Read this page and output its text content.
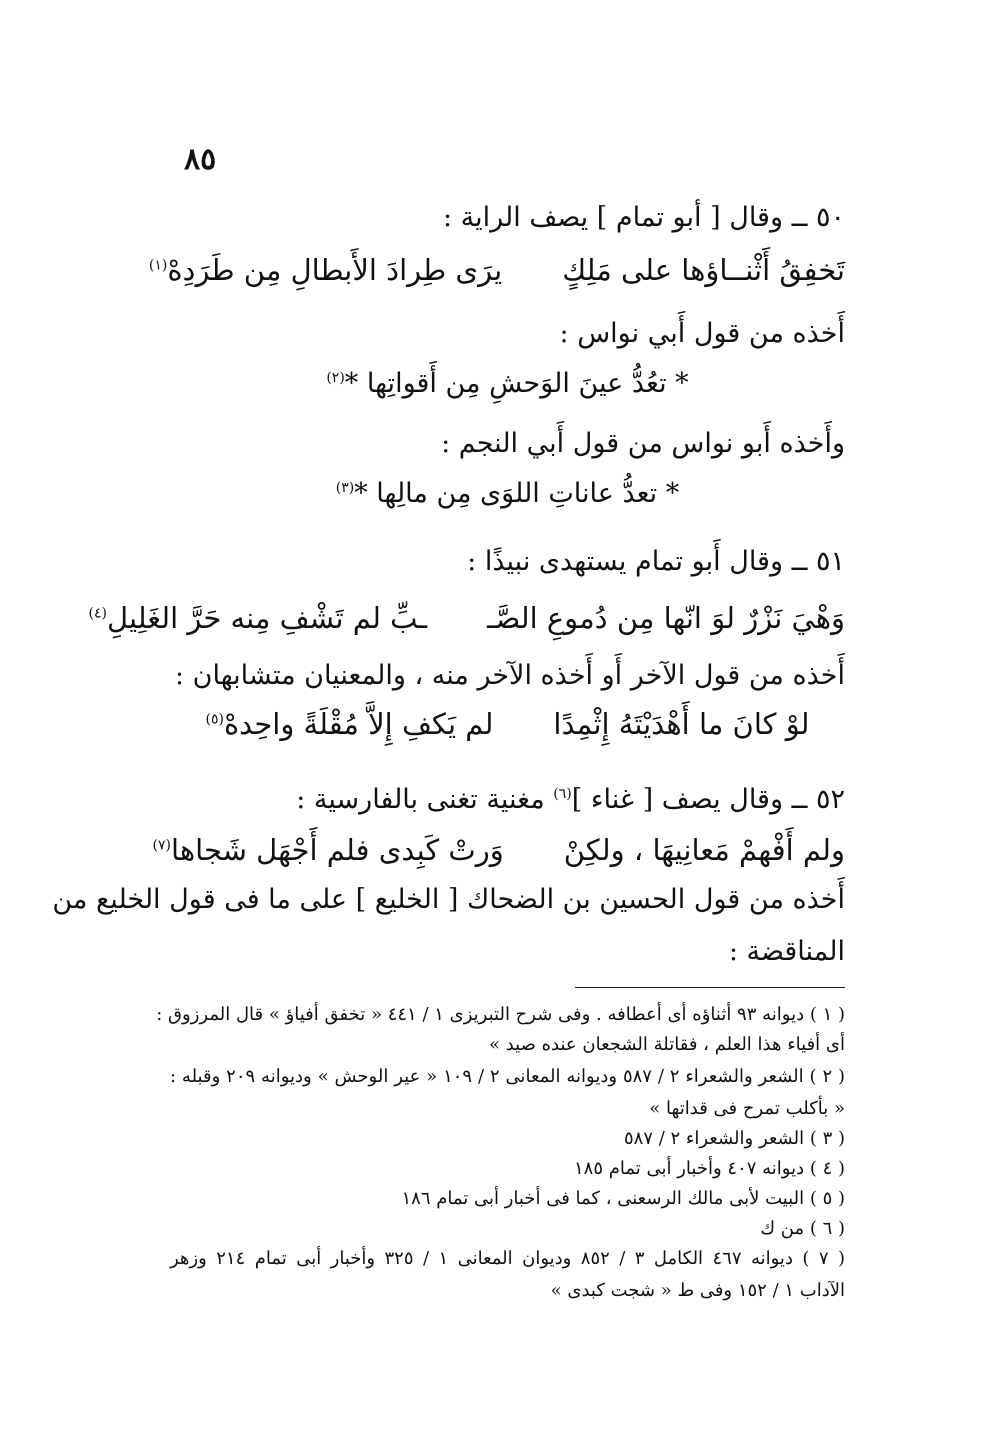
٨٥
٥٠ ــ وقال [ أبو تمام ] يصف الراية :
تَخفِقُ أَثْنــاؤها على مَلِكٍيرَى طِرادَ الأَبطالِ مِن طَرَدِهْ$^{(١)}$
أَخذه من قول أَبي نواس :
* تعُدُّ عينَ الوَحشِ مِن أَقواتِها *$^{(٢)}$
وأَخذه أَبو نواس من قول أَبي النجم :
* تعدُّ عاناتِ اللوَى مِن مالِها *$^{(٣)}$
٥١ ــ وقال أَبو تمام يستهدى نبيذًا :
وَهْيَ نَزْرٌ لوَ انّها مِن دُموعِ الصَّــبِّ لم تَشْفِ مِنه حَرَّ الغَلِيلِ$^{(٤)}$
أَخذه من قول الآخر أَو أَخذه الآخر منه ، والمعنيان متشابهان :
لوْ كانَ ما أَهْدَيْتَهُ إِثْمِدًالم يَكفِ إِلاَّ مُقْلَةً واحِدهْ$^{(٥)}$
٥٢ ــ وقال يصف [ غناء ]$^{(٦)}$ مغنية تغنى بالفارسية :
ولم أَفْهمْ مَعانِيهَا ، ولكِنْوَرتْ كَبِدى فلم أَجْهَل شَجاها$^{(٧)}$
أَخذه من قول الحسين بن الضحاك [ الخليع ] على ما فى قول الخليع من
المناقضة :
( ١ ) ديوانه ٩٣ أثناؤه أى أعطافه . وفى شرح التبريزى ١ / ٤٤١ « تخفق أفياؤ » قال المرزوق :
أى أفياء هذا العلم ، فقاتلة الشجعان عنده صيد »
( ٢ ) الشعر والشعراء ٢ / ٥٨٧ وديوانه المعانى ٢ / ١٠٩ « عير الوحش » وديوانه ٢٠٩ وقبله :
« بأكلب تمرح فى قداتها »
( ٣ ) الشعر والشعراء ٢ / ٥٨٧
( ٤ ) ديوانه ٤٠٧ وأخبار أبى تمام ١٨٥
( ٥ ) البيت لأبى مالك الرسعنى ، كما فى أخبار أبى تمام ١٨٦
( ٦ ) من ك
( ٧ ) ديوانه ٤٦٧ الكامل ٣ / ٨٥٢ وديوان المعانى ١ / ٣٢٥ وأخبار أبى تمام ٢١٤ وزهر
الآداب ١ / ١٥٢ وفى ط « شجت كبدى »
